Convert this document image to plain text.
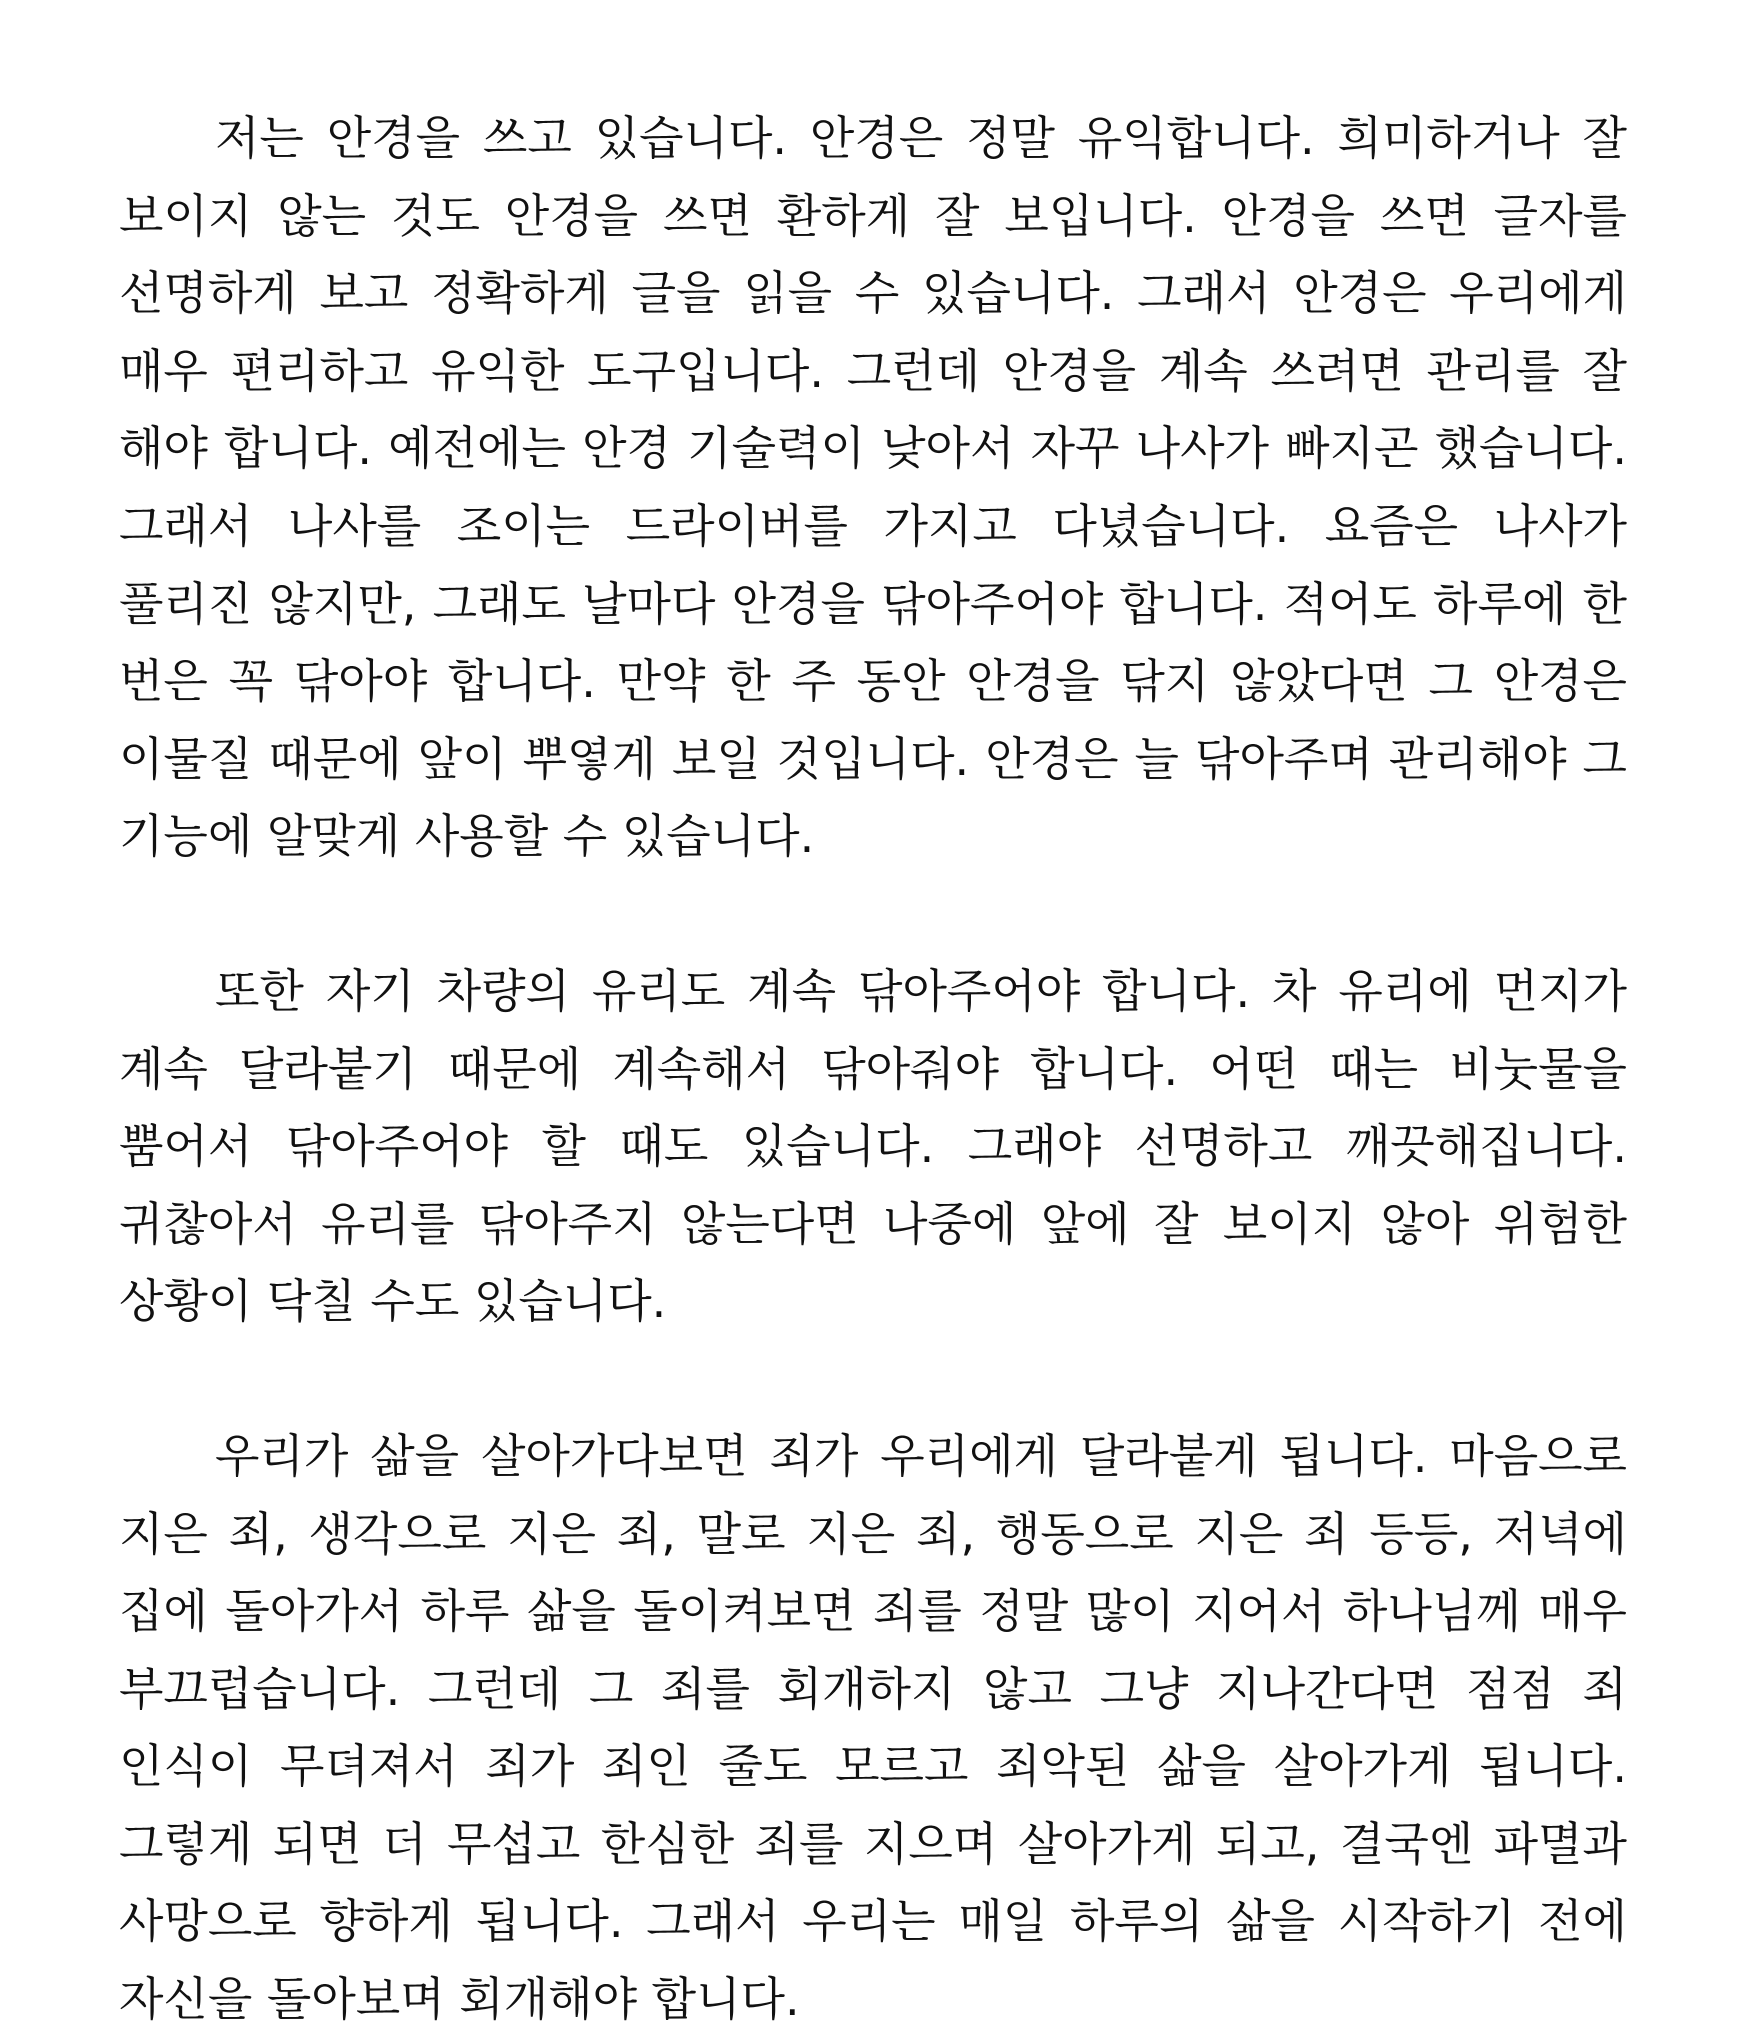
저는 안경을 쓰고 있습니다. 안경은 정말 유익합니다. 희미하거나 잘 보이지 않는 것도 안경을 쓰면 환하게 잘 보입니다. 안경을 쓰면 글자를 선명하게 보고 정확하게 글을 읽을 수 있습니다. 그래서 안경은 우리에게 매우 편리하고 유익한 도구입니다. 그런데 안경을 계속 쓰려면 관리를 잘 해야 합니다. 예전에는 안경 기술력이 낮아서 자꾸 나사가 빠지곤 했습니다. 그래서 나사를 조이는 드라이버를 가지고 다녔습니다. 요즘은 나사가 풀리진 않지만, 그래도 날마다 안경을 닦아주어야 합니다. 적어도 하루에 한 번은 꼭 닦아야 합니다. 만약 한 주 동안 안경을 닦지 않았다면 그 안경은 이물질 때문에 앞이 뿌옇게 보일 것입니다. 안경은 늘 닦아주며 관리해야 그 기능에 알맞게 사용할 수 있습니다.

또한 자기 차량의 유리도 계속 닦아주어야 합니다. 차 유리에 먼지가 계속 달라붙기 때문에 계속해서 닦아줘야 합니다. 어떤 때는 비눗물을 뿜어서 닦아주어야 할 때도 있습니다. 그래야 선명하고 깨끗해집니다. 귀찮아서 유리를 닦아주지 않는다면 나중에 앞에 잘 보이지 않아 위험한 상황이 닥칠 수도 있습니다.

우리가 삶을 살아가다보면 죄가 우리에게 달라붙게 됩니다. 마음으로 지은 죄, 생각으로 지은 죄, 말로 지은 죄, 행동으로 지은 죄 등등, 저녁에 집에 돌아가서 하루 삶을 돌이켜보면 죄를 정말 많이 지어서 하나님께 매우 부끄럽습니다. 그런데 그 죄를 회개하지 않고 그냥 지나간다면 점점 죄 인식이 무뎌져서 죄가 죄인 줄도 모르고 죄악된 삶을 살아가게 됩니다. 그렇게 되면 더 무섭고 한심한 죄를 지으며 살아가게 되고, 결국엔 파멸과 사망으로 향하게 됩니다. 그래서 우리는 매일 하루의 삶을 시작하기 전에 자신을 돌아보며 회개해야 합니다.
